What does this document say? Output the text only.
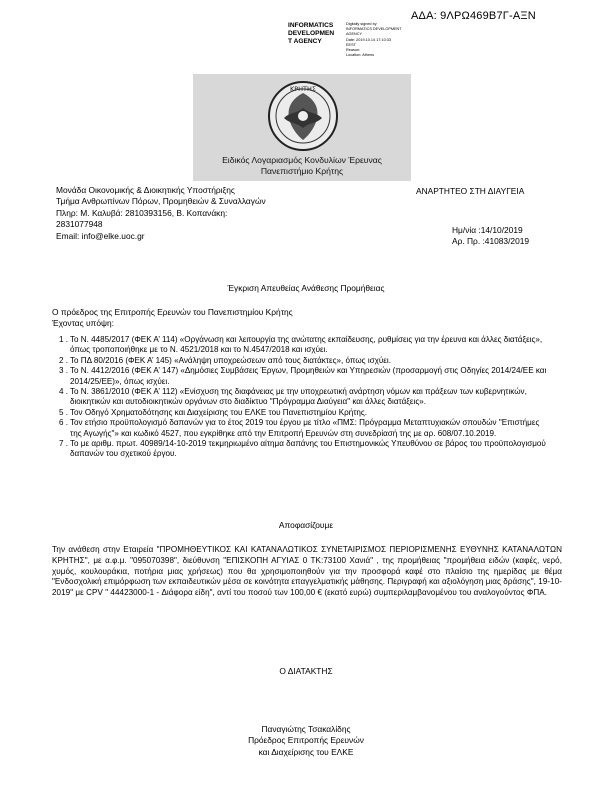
ΑΔΑ: 9ΛΡΩ469Β7Γ-ΑΞΝ
INFORMATICS
DEVELOPMEN
T AGENCY
Digitally signed by
INFORMATICS DEVELOPMENT AGENCY
Date: 2019.10.14 17:10:33
EEST
Reason:
Location: Athens
ΚΡΗΤΗΣ
Ειδικός Λογαριασμός Κονδυλίων Έρευνας
Πανεπιστήμιο Κρήτης
Μονάδα Οικονομικής & Διοικητικής Υποστήριξης
Τμήμα Ανθρωπίνων Πόρων, Προμηθειών & Συναλλαγών
Πληρ: Μ. Καλυβά: 2810393156, Β. Κοπανάκη:
2831077948
Email: info@elke.uoc.gr
ΑΝΑΡΤΗΤΕΟ ΣΤΗ ΔΙΑΥΓΕΙΑ
Ημ/νία :14/10/2019
Αρ. Πρ. :41083/2019
Έγκριση Απευθείας Ανάθεσης Προμήθειας
Ο πρόεδρος της Επιτροπής Ερευνών του Πανεπιστημίου Κρήτης
Έχοντας υπόψη:
1 . Το Ν. 4485/2017 (ΦΕΚ Α’ 114) «Οργάνωση και λειτουργία της ανώτατης εκπαίδευσης, ρυθμίσεις για την έρευνα και άλλες διατάξεις», όπως τροποποιήθηκε με το Ν. 4521/2018 και το Ν.4547/2018 και ισχύει.
2 . Το ΠΔ 80/2016 (ΦΕΚ Α’ 145) «Ανάληψη υποχρεώσεων από τους διατάκτες», όπως ισχύει.
3 . Το Ν. 4412/2016 (ΦΕΚ Α’ 147) «Δημόσιες Συμβάσεις Έργων, Προμηθειών και Υπηρεσιών (προσαρμογή στις Οδηγίες 2014/24/ΕΕ και 2014/25/ΕΕ)», όπως ισχύει.
4 . Το Ν. 3861/2010 (ΦΕΚ Α’ 112) «Ενίσχυση της διαφάνειας με την υποχρεωτική ανάρτηση νόμων και πράξεων των κυβερνητικών, διοικητικών και αυτοδιοικητικών οργάνων στο διαδίκτυο "Πρόγραμμα Διαύγεια" και άλλες διατάξεις».
5 . Τον Οδηγό Χρηματοδότησης και Διαχείρισης του ΕΛΚΕ του Πανεπιστημίου Κρήτης.
6 . Τον ετήσιο προϋπολογισμό δαπανών για το έτος 2019 του έργου με τίτλο «ΠΜΣ: Πρόγραμμα Μεταπτυχιακών σπουδών "Επιστήμες της Αγωγής"» και κωδικό 4527, που εγκρίθηκε από την Επιτροπή Ερευνών στη συνεδρίασή της με αρ. 608/07.10.2019.
7 . Το με αριθμ. πρωτ. 40989/14-10-2019 τεκμηριωμένο αίτημα δαπάνης του Επιστημονικώς Υπευθύνου σε βάρος του προϋπολογισμού δαπανών του σχετικού έργου.
Αποφασίζουμε
Την ανάθεση στην Εταιρεία "ΠΡΟΜΗΘΕΥΤΙΚΟΣ ΚΑΙ ΚΑΤΑΝΑΛΩΤΙΚΟΣ ΣΥΝΕΤΑΙΡΙΣΜΟΣ ΠΕΡΙΟΡΙΣΜΕΝΗΣ ΕΥΘΥΝΗΣ ΚΑΤΑΝΑΛΩΤΩΝ ΚΡΗΤΗΣ", με α.φ.μ. "095070398", διεύθυνση "ΕΠΙΣΚΟΠΗ ΑΓΥΙΑΣ 0 ΤΚ:73100 Χανιά" , της προμήθειας "προμήθεια ειδών (καφές, νερό, χυμός, κουλουράκια, ποτήρια μιας χρήσεως) που θα χρησιμοποιηθούν για την προσφορά καφέ στο πλαίσιο της ημερίδας με θέμα "Ενδοσχολική επιμόρφωση των εκπαιδευτικών μέσα σε κοινότητα επαγγελματικής μάθησης. Περιγραφή και αξιολόγηση μιας δράσης", 19-10-2019" με CPV " 44423000-1 - Διάφορα είδη", αντί του ποσού των 100,00 € (εκατό ευρώ) συμπεριλαμβανομένου του αναλογούντος ΦΠΑ.
Ο ΔΙΑΤΑΚΤΗΣ
Παναγιώτης Τσακαλίδης
Πρόεδρος Επιτροπής Ερευνών
και Διαχείρισης του ΕΛΚΕ
